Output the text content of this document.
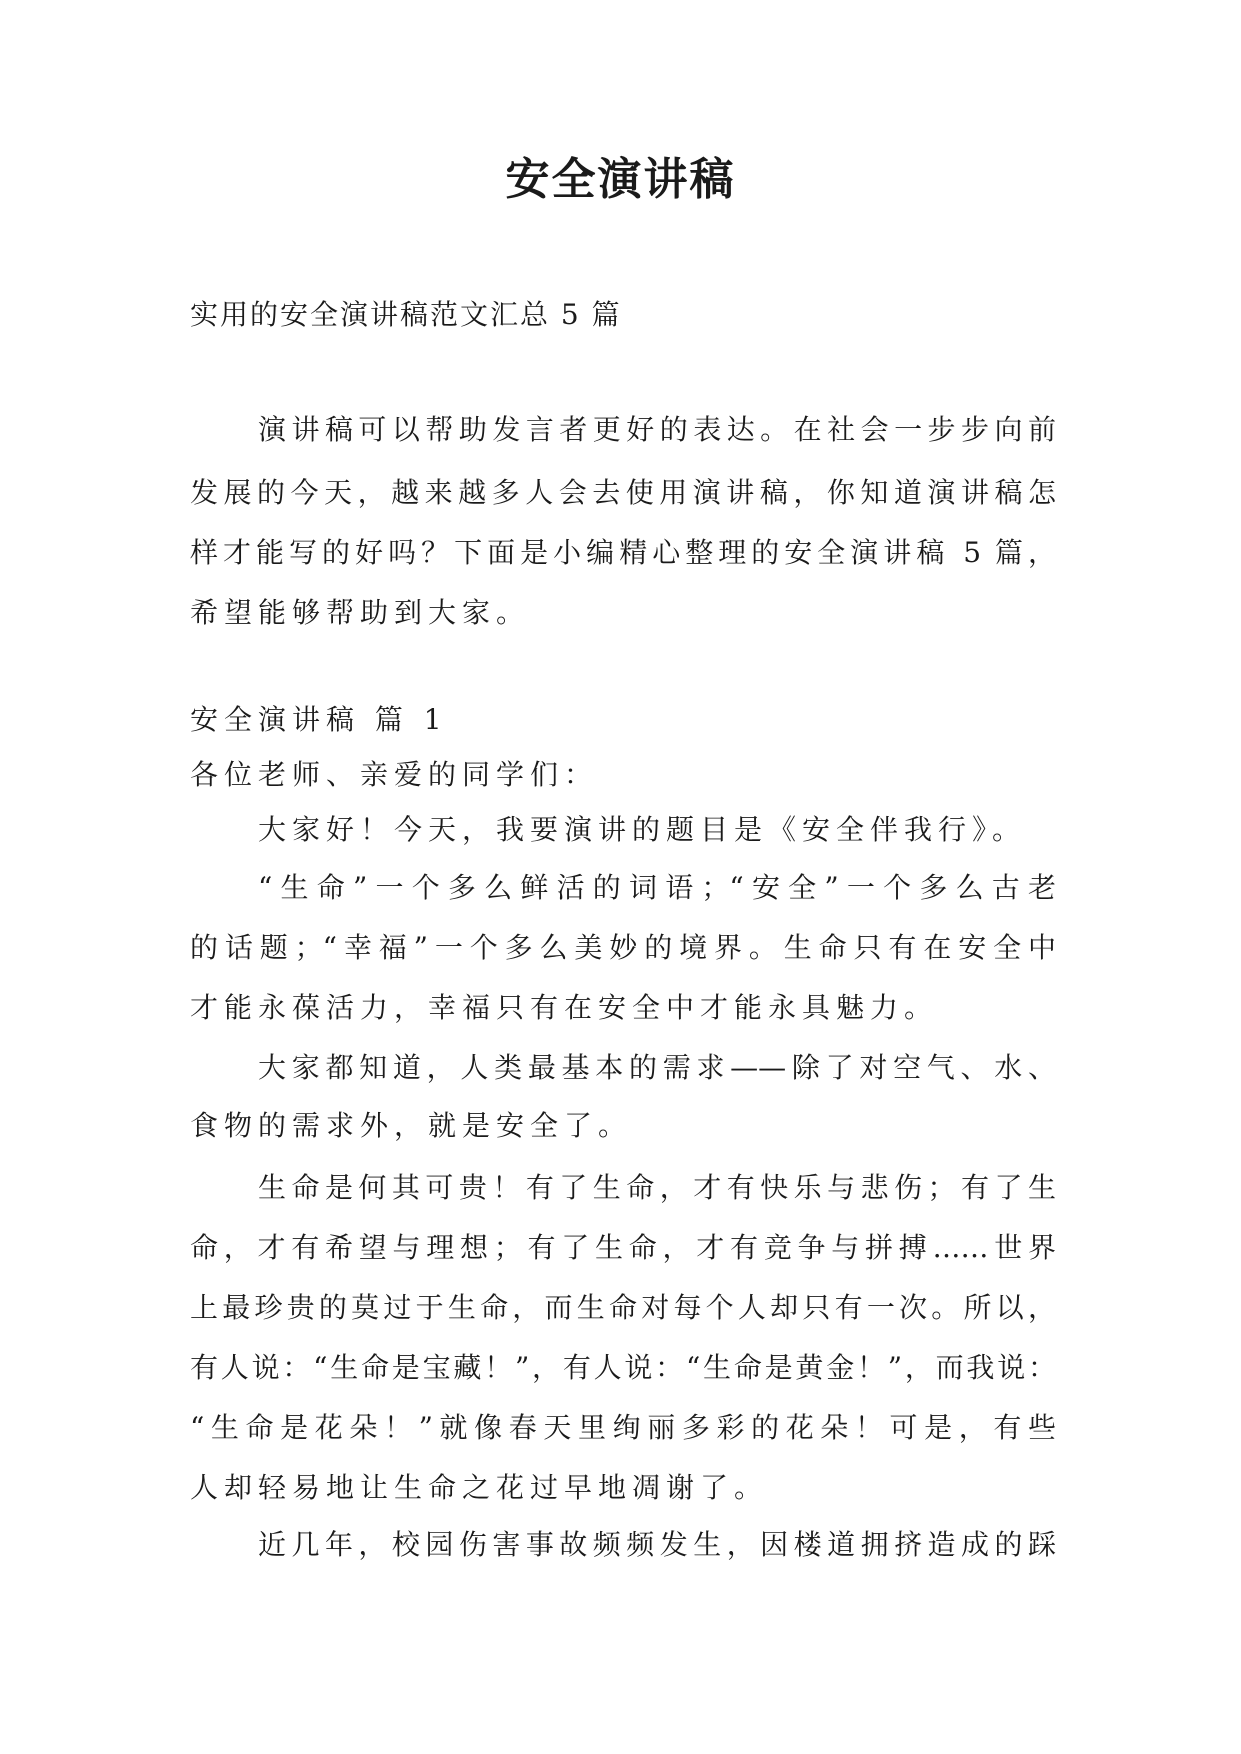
安全演讲稿
实用的安全演讲稿范文汇总 5 篇
演讲稿可以帮助发言者更好的表达。在社会一步步向前
发展的今天，越来越多人会去使用演讲稿，你知道演讲稿怎
样才能写的好吗？下面是小编精心整理的安全演讲稿 5 篇，
希望能够帮助到大家。
安全演讲稿 篇 1
各位老师、亲爱的同学们：
大家好！今天，我要演讲的题目是《安全伴我行》。
“生命”一个多么鲜活的词语；“安全”一个多么古老
的话题；“幸福”一个多么美妙的境界。生命只有在安全中
才能永葆活力，幸福只有在安全中才能永具魅力。
大家都知道，人类最基本的需求——除了对空气、水、
食物的需求外，就是安全了。
生命是何其可贵！有了生命，才有快乐与悲伤；有了生
命，才有希望与理想；有了生命，才有竞争与拼搏……世界
上最珍贵的莫过于生命，而生命对每个人却只有一次。所以，
有人说：“生命是宝藏！”，有人说：“生命是黄金！”，而我说：
“生命是花朵！”就像春天里绚丽多彩的花朵！可是，有些
人却轻易地让生命之花过早地凋谢了。
近几年，校园伤害事故频频发生，因楼道拥挤造成的踩
